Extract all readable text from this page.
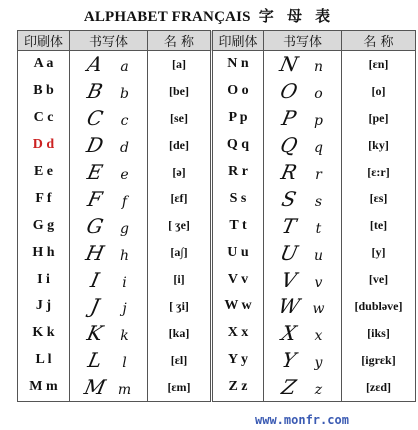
ALPHABET FRANÇAIS 字 母 表
印刷体	书写体	名 称	印刷体	书写体	名 称
A a	A a	[a]	N n	N n	[ɛn]
B b	B b	[be]	O o	O o	[o]
C c	C c	[se]	P p	P p	[pe]
D d	D d	[de]	Q q	Q q	[ky]
E e	E e	[ə]	R r	R r	[ɛ:r]
F f	F f	[ɛf]	S s	S s	[ɛs]
G g	G g	[ ʒe]	T t	T t	[te]
H h	H h	[a∫]	U u	U u	[y]
I i	I i	[i]	V v	V v	[ve]
J j	J j	[ ʒi]	W w	W w	[dublәve]
K k	K k	[ka]	X x	X x	[iks]
L l	L l	[ɛl]	Y y	Y y	[igrɛk]
M m	M m	[ɛm]	Z z	Z z	[zɛd]
www.monfr.com
